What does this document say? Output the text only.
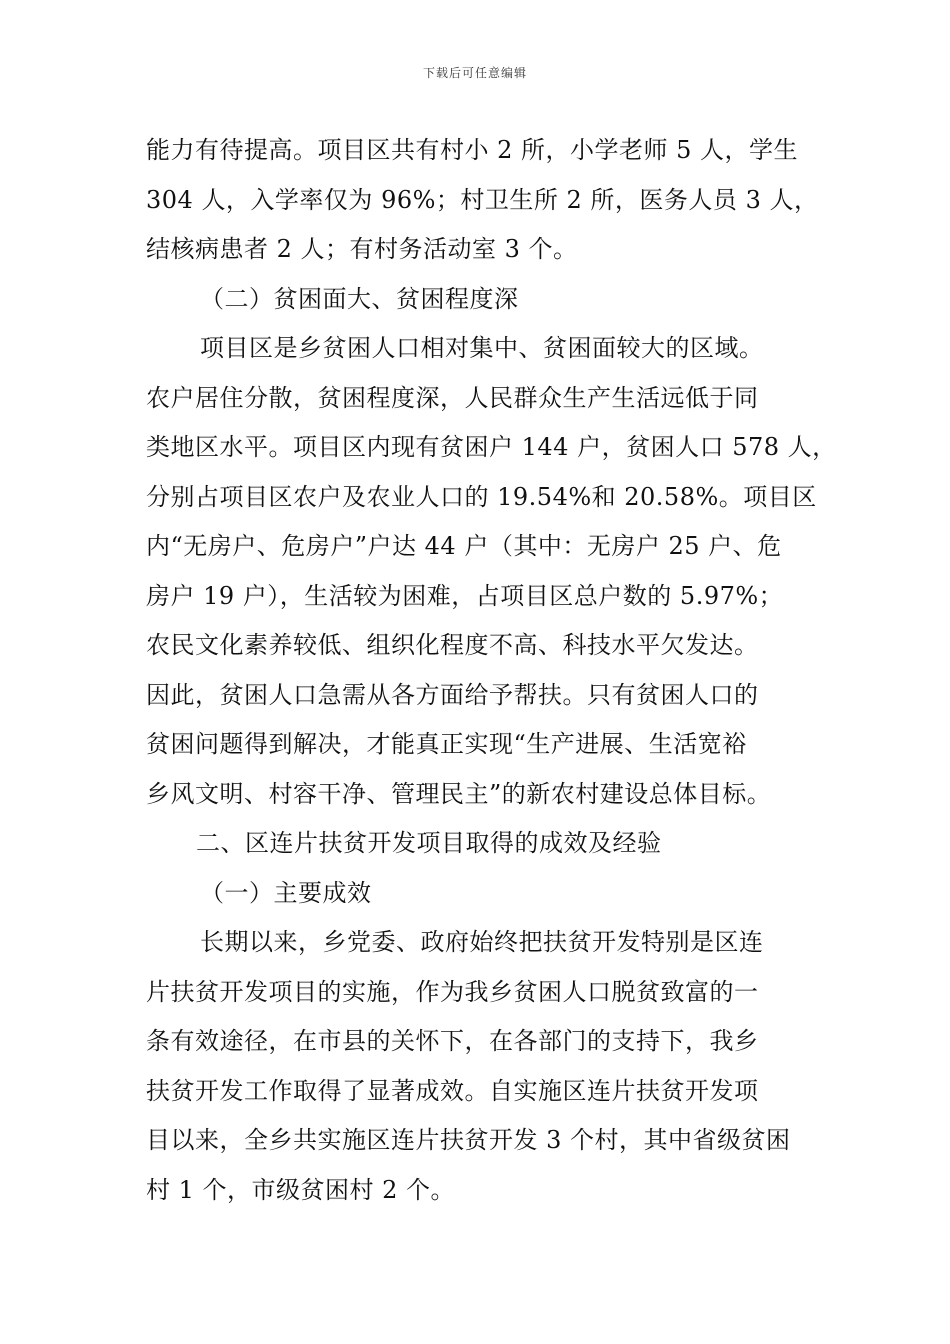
下载后可任意编辑
能力有待提高。项目区共有村小 2 所，小学老师 5 人，学生
304 人，入学率仅为 96%；村卫生所 2 所，医务人员 3 人，
结核病患者 2 人；有村务活动室 3 个。
（二）贫困面大、贫困程度深
项目区是乡贫困人口相对集中、贫困面较大的区域。
农户居住分散，贫困程度深，人民群众生产生活远低于同
类地区水平。项目区内现有贫困户 144 户，贫困人口 578 人，
分别占项目区农户及农业人口的 19.54%和 20.58%。项目区
内“无房户、危房户”户达 44 户（其中：无房户 25 户、危
房户 19 户），生活较为困难，占项目区总户数的 5.97%；
农民文化素养较低、组织化程度不高、科技水平欠发达。
因此，贫困人口急需从各方面给予帮扶。只有贫困人口的
贫困问题得到解决，才能真正实现“生产进展、生活宽裕
乡风文明、村容干净、管理民主”的新农村建设总体目标。
二、区连片扶贫开发项目取得的成效及经验
（一）主要成效
长期以来，乡党委、政府始终把扶贫开发特别是区连
片扶贫开发项目的实施，作为我乡贫困人口脱贫致富的一
条有效途径，在市县的关怀下，在各部门的支持下，我乡
扶贫开发工作取得了显著成效。自实施区连片扶贫开发项
目以来，全乡共实施区连片扶贫开发 3 个村，其中省级贫困
村 1 个，市级贫困村 2 个。
